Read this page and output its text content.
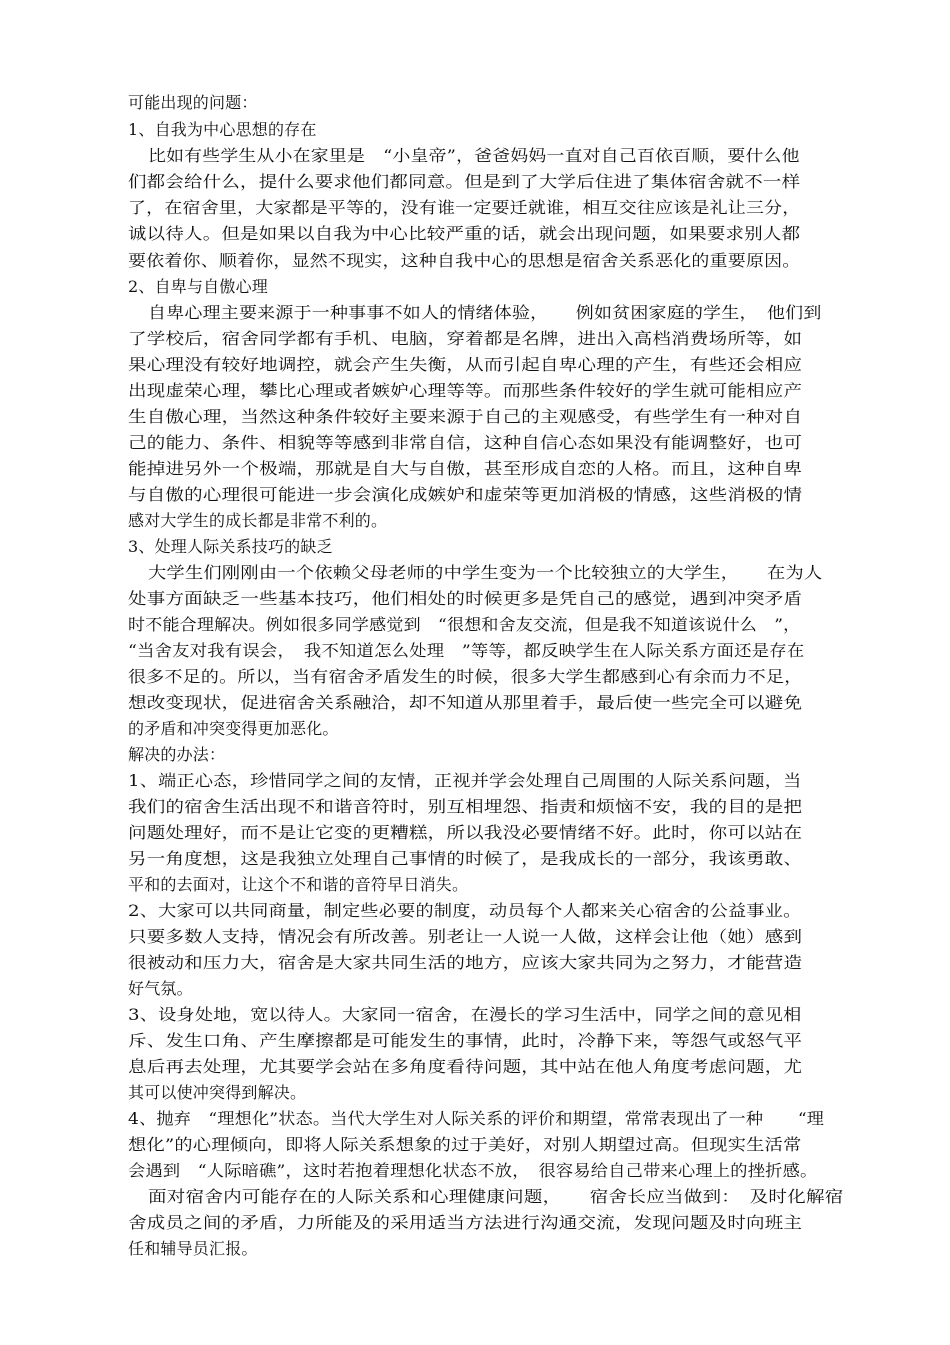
可能出现的问题：
1、自我为中心思想的存在
比如有些学生从小在家里是　“小皇帝”，爸爸妈妈一直对自己百依百顺，要什么他
们都会给什么，提什么要求他们都同意。但是到了大学后住进了集体宿舍就不一样
了，在宿舍里，大家都是平等的，没有谁一定要迁就谁，相互交往应该是礼让三分，
诚以待人。但是如果以自我为中心比较严重的话，就会出现问题，如果要求别人都
要依着你、顺着你，显然不现实，这种自我中心的思想是宿舍关系恶化的重要原因。
2、自卑与自傲心理
自卑心理主要来源于一种事事不如人的情绪体验，　　例如贫困家庭的学生，　他们到
了学校后，宿舍同学都有手机、电脑，穿着都是名牌，进出入高档消费场所等，如
果心理没有较好地调控，就会产生失衡，从而引起自卑心理的产生，有些还会相应
出现虚荣心理，攀比心理或者嫉妒心理等等。而那些条件较好的学生就可能相应产
生自傲心理，当然这种条件较好主要来源于自己的主观感受，有些学生有一种对自
己的能力、条件、相貌等等感到非常自信，这种自信心态如果没有能调整好，也可
能掉进另外一个极端，那就是自大与自傲，甚至形成自恋的人格。而且，这种自卑
与自傲的心理很可能进一步会演化成嫉妒和虚荣等更加消极的情感，这些消极的情
感对大学生的成长都是非常不利的。
3、处理人际关系技巧的缺乏
大学生们刚刚由一个依赖父母老师的中学生变为一个比较独立的大学生，　　在为人
处事方面缺乏一些基本技巧，他们相处的时候更多是凭自己的感觉，遇到冲突矛盾
时不能合理解决。例如很多同学感觉到　“很想和舍友交流，但是我不知道该说什么　”，
“当舍友对我有误会，　我不知道怎么处理　”等等，都反映学生在人际关系方面还是存在
很多不足的。所以，当有宿舍矛盾发生的时候，很多大学生都感到心有余而力不足，
想改变现状，促进宿舍关系融洽，却不知道从那里着手，最后使一些完全可以避免
的矛盾和冲突变得更加恶化。
解决的办法：
1、端正心态，珍惜同学之间的友情，正视并学会处理自己周围的人际关系问题，当
我们的宿舍生活出现不和谐音符时，别互相埋怨、指责和烦恼不安，我的目的是把
问题处理好，而不是让它变的更糟糕，所以我没必要情绪不好。此时，你可以站在
另一角度想，这是我独立处理自己事情的时候了，是我成长的一部分，我该勇敢、
平和的去面对，让这个不和谐的音符早日消失。
2、大家可以共同商量，制定些必要的制度，动员每个人都来关心宿舍的公益事业。
只要多数人支持，情况会有所改善。别老让一人说一人做，这样会让他（她）感到
很被动和压力大，宿舍是大家共同生活的地方，应该大家共同为之努力，才能营造
好气氛。
3、设身处地，宽以待人。大家同一宿舍，在漫长的学习生活中，同学之间的意见相
斥、发生口角、产生摩擦都是可能发生的事情，此时，冷静下来，等怨气或怒气平
息后再去处理，尤其要学会站在多角度看待问题，其中站在他人角度考虑问题，尤
其可以使冲突得到解决。
4、抛弃　“理想化”状态。当代大学生对人际关系的评价和期望，常常表现出了一种　　“理
想化”的心理倾向，即将人际关系想象的过于美好，对别人期望过高。但现实生活常
会遇到　“人际暗礁”，这时若抱着理想化状态不放，　很容易给自己带来心理上的挫折感。
面对宿舍内可能存在的人际关系和心理健康问题，　　宿舍长应当做到：　及时化解宿
舍成员之间的矛盾，力所能及的采用适当方法进行沟通交流，发现问题及时向班主
任和辅导员汇报。
